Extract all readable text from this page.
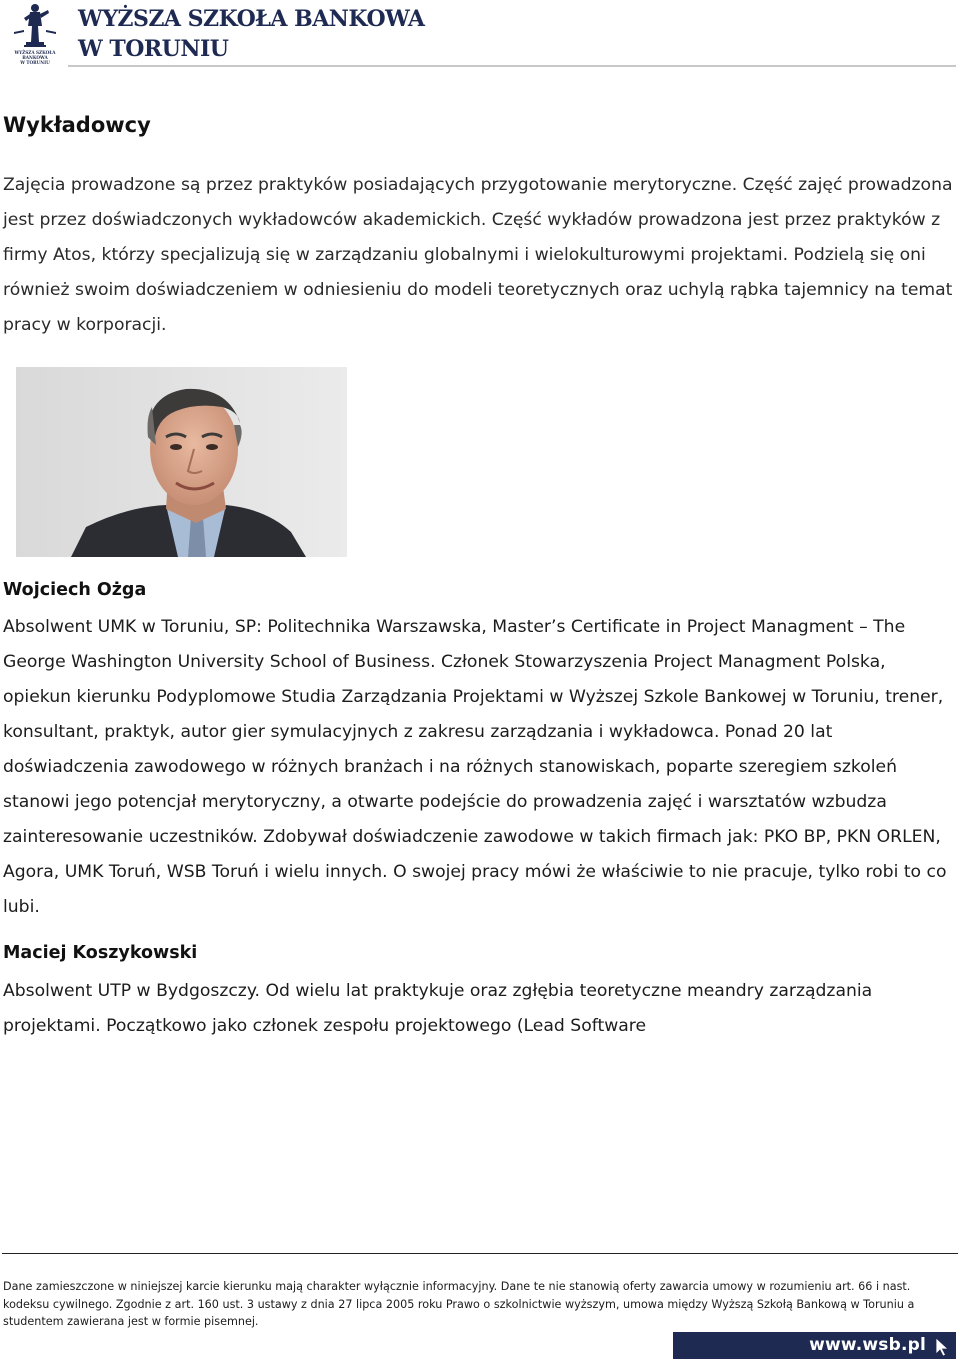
WYŻSZA SZKOŁA BANKOWA
W TORUNIU
WYŻSZA SZKOŁA BANKOWA
W TORUNIU
Wykładowcy

Zajęcia prowadzone są przez praktyków posiadających przygotowanie merytoryczne. Część zajęć prowadzona jest przez doświadczonych wykładowców akademickich. Część wykładów prowadzona jest przez praktyków z firmy Atos, którzy specjalizują się w zarządzaniu globalnymi i wielokulturowymi projektami. Podzielą się oni również swoim doświadczeniem w odniesieniu do modeli teoretycznych oraz uchylą rąbka tajemnicy na temat pracy w korporacji.

Wojciech Ożga

Absolwent UMK w Toruniu, SP: Politechnika Warszawska, Master’s Certificate in Project Managment – The George Washington University School of Business. Członek Stowarzyszenia Project Managment Polska, opiekun kierunku Podyplomowe Studia Zarządzania Projektami w Wyższej Szkole Bankowej w Toruniu, trener, konsultant, praktyk, autor gier symulacyjnych z zakresu zarządzania i wykładowca. Ponad 20 lat doświadczenia zawodowego w różnych branżach i na różnych stanowiskach, poparte szeregiem szkoleń stanowi jego potencjał merytoryczny, a otwarte podejście do prowadzenia zajęć i warsztatów wzbudza zainteresowanie uczestników. Zdobywał doświadczenie zawodowe w takich firmach jak: PKO BP, PKN ORLEN, Agora, UMK Toruń, WSB Toruń i wielu innych. O swojej pracy mówi że właściwie to nie pracuje, tylko robi to co lubi.

Maciej Koszykowski

Absolwent UTP w Bydgoszczy. Od wielu lat praktykuje oraz zgłębia teoretyczne meandry zarządzania projektami. Początkowo jako członek zespołu projektowego (Lead Software

Dane zamieszczone w niniejszej karcie kierunku mają charakter wyłącznie informacyjny. Dane te nie stanowią oferty zawarcia umowy w rozumieniu art. 66 i nast. kodeksu cywilnego. Zgodnie z art. 160 ust. 3 ustawy z dnia 27 lipca 2005 roku Prawo o szkolnictwie wyższym, umowa między Wyższą Szkołą Bankową w Toruniu a studentem zawierana jest w formie pisemnej.

www.wsb.pl
